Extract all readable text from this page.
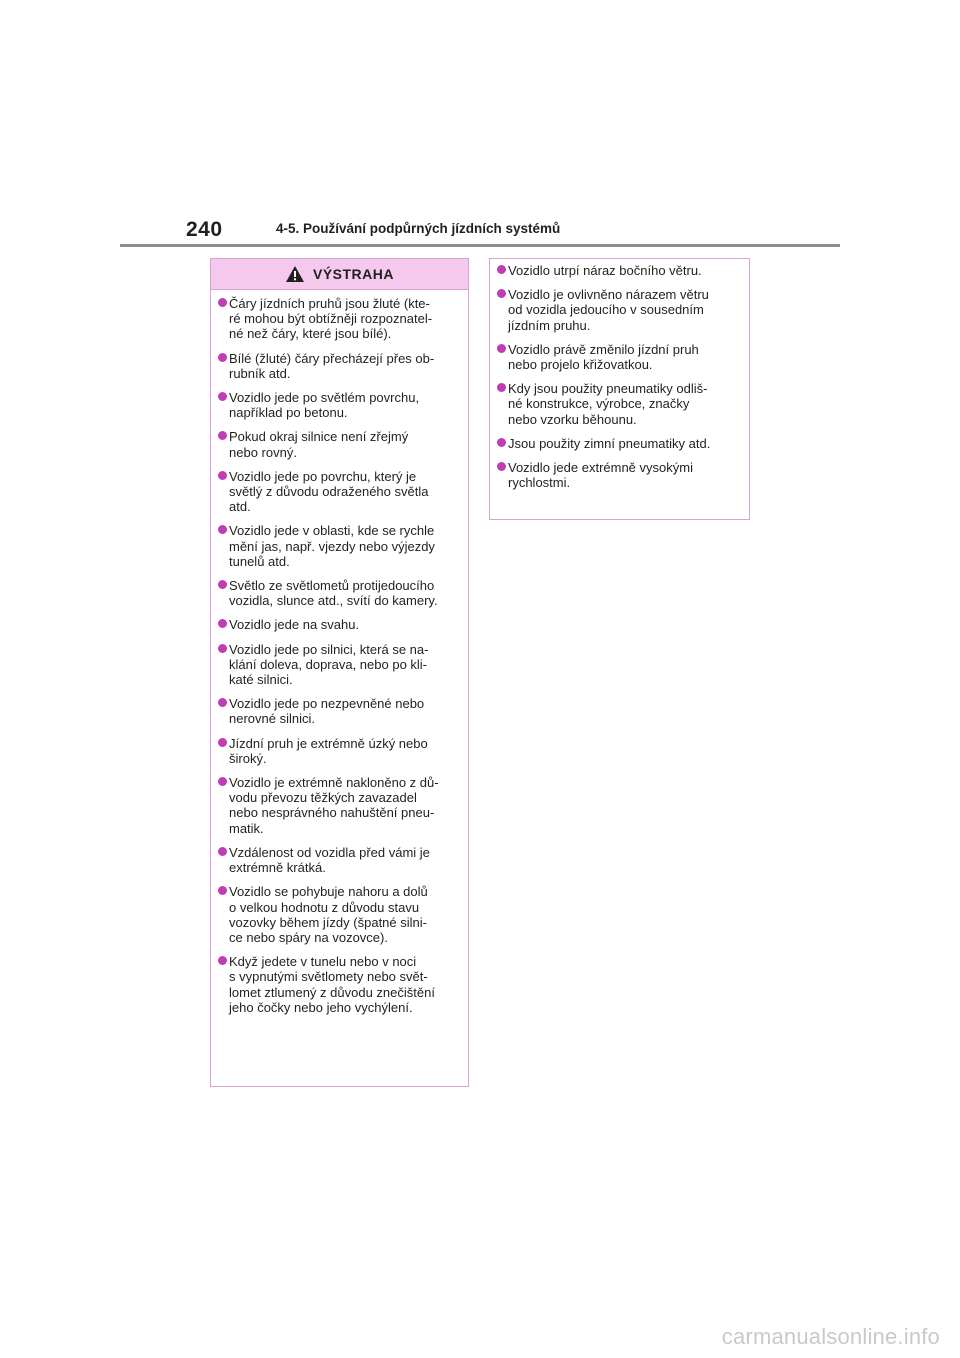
240	4-5. Používání podpůrných jízdních systémů
VÝSTRAHA
Čáry jízdních pruhů jsou žluté (kte-
ré mohou být obtížněji rozpoznatel-
né než čáry, které jsou bílé).
Bílé (žluté) čáry přecházejí přes ob-
rubník atd.
Vozidlo jede po světlém povrchu,
například po betonu.
Pokud okraj silnice není zřejmý
nebo rovný.
Vozidlo jede po povrchu, který je
světlý z důvodu odraženého světla
atd.
Vozidlo jede v oblasti, kde se rychle
mění jas, např. vjezdy nebo výjezdy
tunelů atd.
Světlo ze světlometů protijedoucího
vozidla, slunce atd., svítí do kamery.
Vozidlo jede na svahu.
Vozidlo jede po silnici, která se na-
klání doleva, doprava, nebo po kli-
katé silnici.
Vozidlo jede po nezpevněné nebo
nerovné silnici.
Jízdní pruh je extrémně úzký nebo
široký.
Vozidlo je extrémně nakloněno z dů-
vodu převozu těžkých zavazadel
nebo nesprávného nahuštění pneu-
matik.
Vzdálenost od vozidla před vámi je
extrémně krátká.
Vozidlo se pohybuje nahoru a dolů
o velkou hodnotu z důvodu stavu
vozovky během jízdy (špatné silni-
ce nebo spáry na vozovce).
Když jedete v tunelu nebo v noci
s vypnutými světlomety nebo svět-
lomet ztlumený z důvodu znečištění
jeho čočky nebo jeho vychýlení.
Vozidlo utrpí náraz bočního větru.
Vozidlo je ovlivněno nárazem větru
od vozidla jedoucího v sousedním
jízdním pruhu.
Vozidlo právě změnilo jízdní pruh
nebo projelo křižovatkou.
Kdy jsou použity pneumatiky odliš-
né konstrukce, výrobce, značky
nebo vzorku běhounu.
Jsou použity zimní pneumatiky atd.
Vozidlo jede extrémně vysokými
rychlostmi.
carmanualsonline.info
